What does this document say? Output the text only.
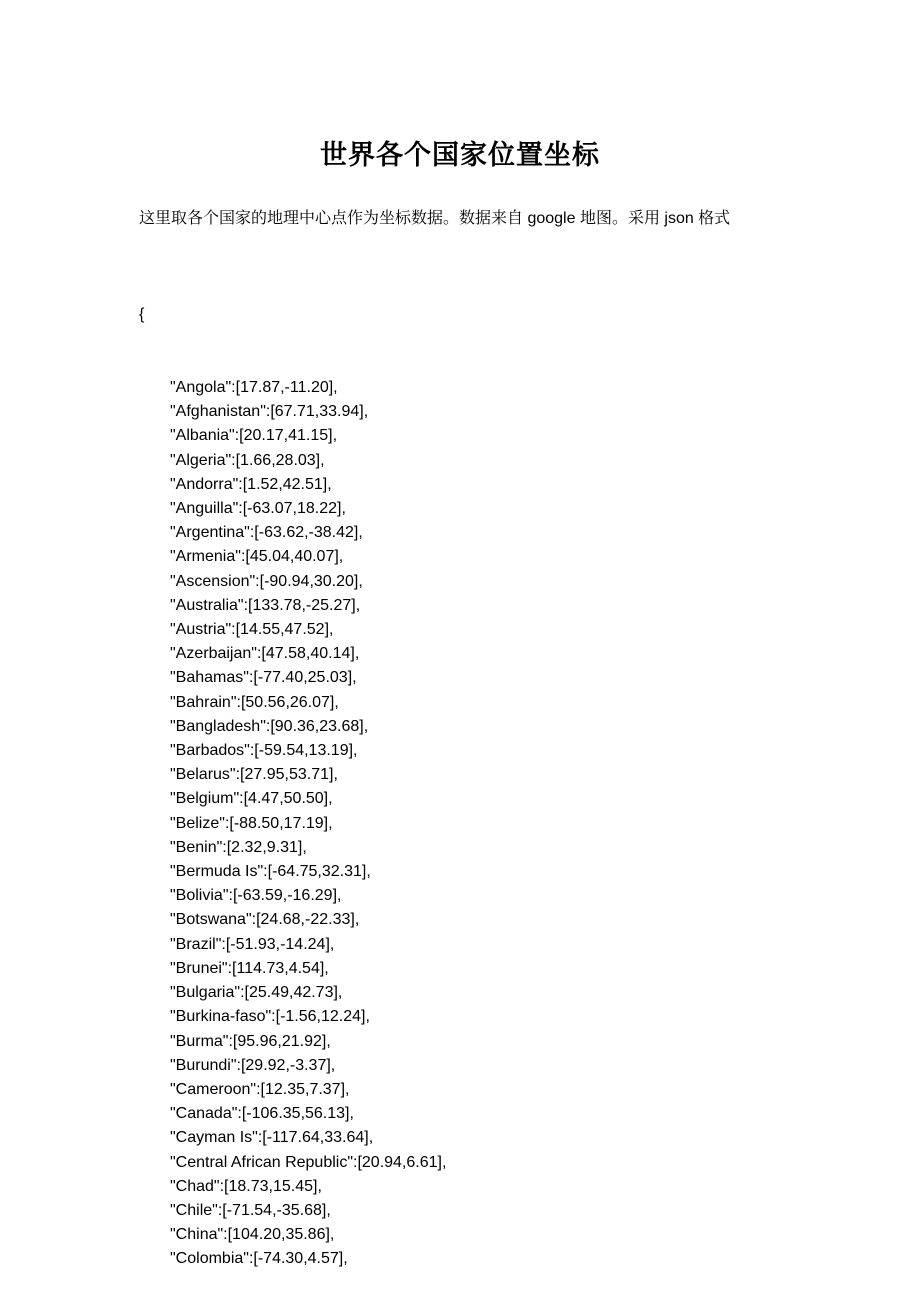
世界各个国家位置坐标
这里取各个国家的地理中心点作为坐标数据。数据来自 google 地图。采用 json 格式

{

"Angola":[17.87,-11.20],
"Afghanistan":[67.71,33.94],
"Albania":[20.17,41.15],
"Algeria":[1.66,28.03],
"Andorra":[1.52,42.51],
"Anguilla":[-63.07,18.22],
"Argentina":[-63.62,-38.42],
"Armenia":[45.04,40.07],
"Ascension":[-90.94,30.20],
"Australia":[133.78,-25.27],
"Austria":[14.55,47.52],
"Azerbaijan":[47.58,40.14],
"Bahamas":[-77.40,25.03],
"Bahrain":[50.56,26.07],
"Bangladesh":[90.36,23.68],
"Barbados":[-59.54,13.19],
"Belarus":[27.95,53.71],
"Belgium":[4.47,50.50],
"Belize":[-88.50,17.19],
"Benin":[2.32,9.31],
"Bermuda Is":[-64.75,32.31],
"Bolivia":[-63.59,-16.29],
"Botswana":[24.68,-22.33],
"Brazil":[-51.93,-14.24],
"Brunei":[114.73,4.54],
"Bulgaria":[25.49,42.73],
"Burkina-faso":[-1.56,12.24],
"Burma":[95.96,21.92],
"Burundi":[29.92,-3.37],
"Cameroon":[12.35,7.37],
"Canada":[-106.35,56.13],
"Cayman Is":[-117.64,33.64],
"Central African Republic":[20.94,6.61],
"Chad":[18.73,15.45],
"Chile":[-71.54,-35.68],
"China":[104.20,35.86],
"Colombia":[-74.30,4.57],
